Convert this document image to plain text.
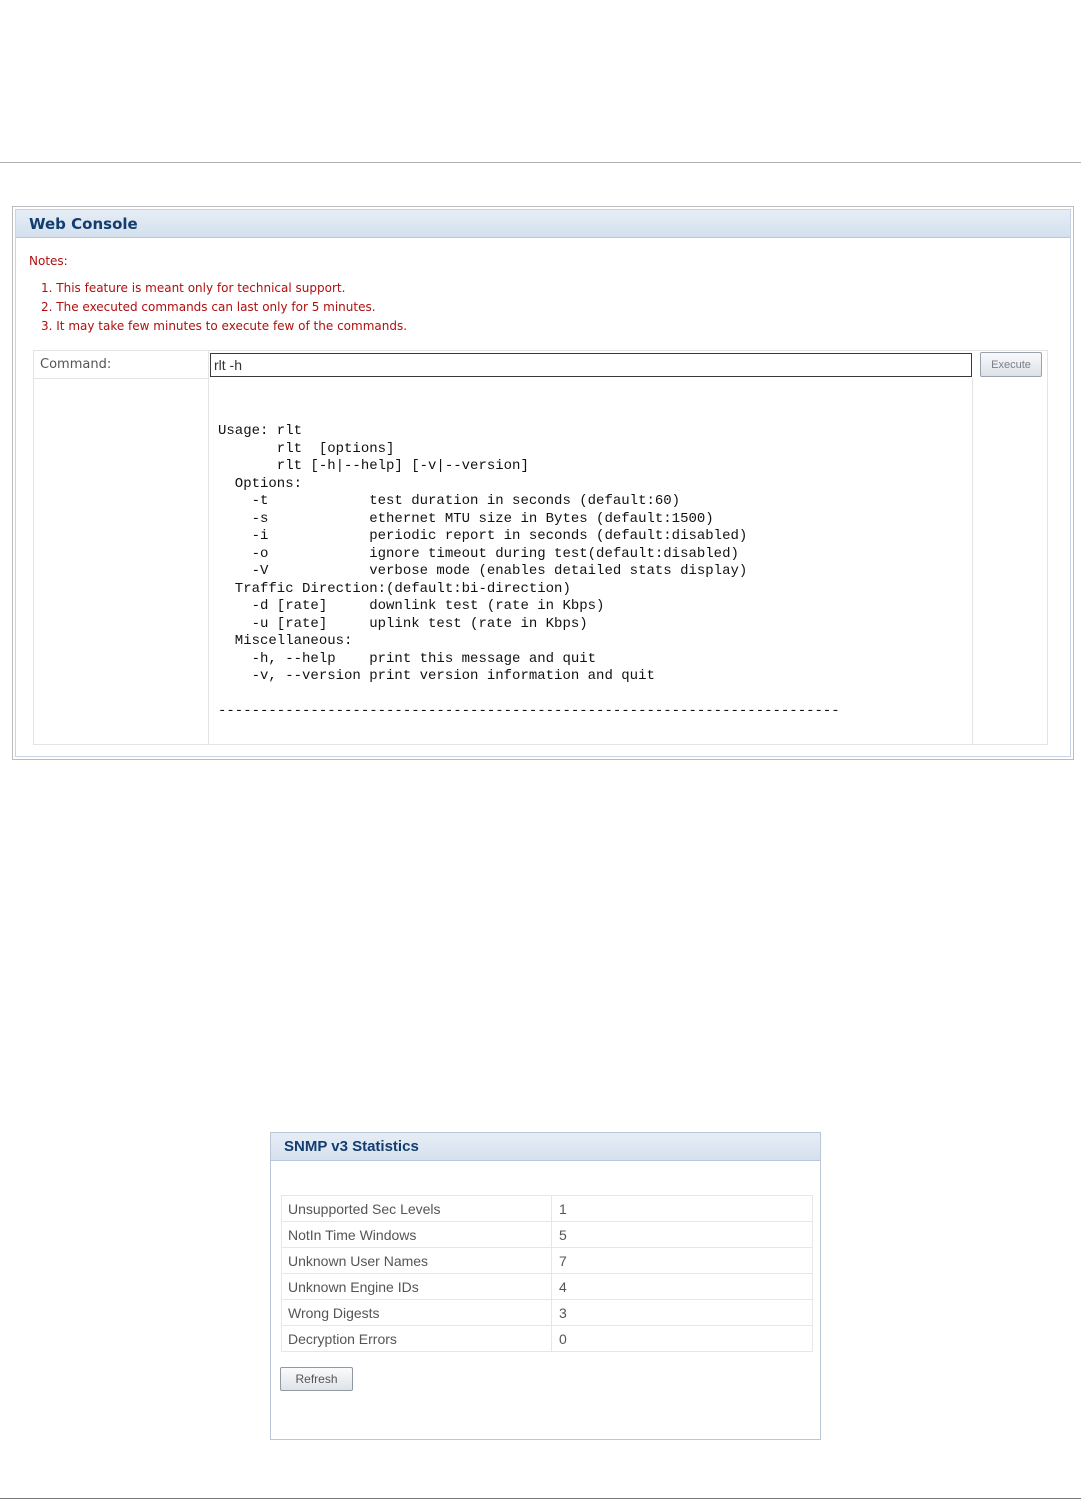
Web Console
Notes:
1. This feature is meant only for technical support.
2. The executed commands can last only for 5 minutes.
3. It may take few minutes to execute few of the commands.
Command:
rlt -h	Execute
Usage: rlt
rlt  [options]
rlt [-h|--help] [-v|--version]
Options:
-t            test duration in seconds (default:60)
-s            ethernet MTU size in Bytes (default:1500)
-i            periodic report in seconds (default:disabled)
-o            ignore timeout during test(default:disabled)
-V            verbose mode (enables detailed stats display)
Traffic Direction:(default:bi-direction)
-d [rate]     downlink test (rate in Kbps)
-u [rate]     uplink test (rate in Kbps)
Miscellaneous:
-h, --help    print this message and quit
-v, --version print version information and quit

--------------------------------------------------------------------------
SNMP v3 Statistics
Unsupported Sec Levels	1
NotIn Time Windows	5
Unknown User Names	7
Unknown Engine IDs	4
Wrong Digests	3
Decryption Errors	0
Refresh
